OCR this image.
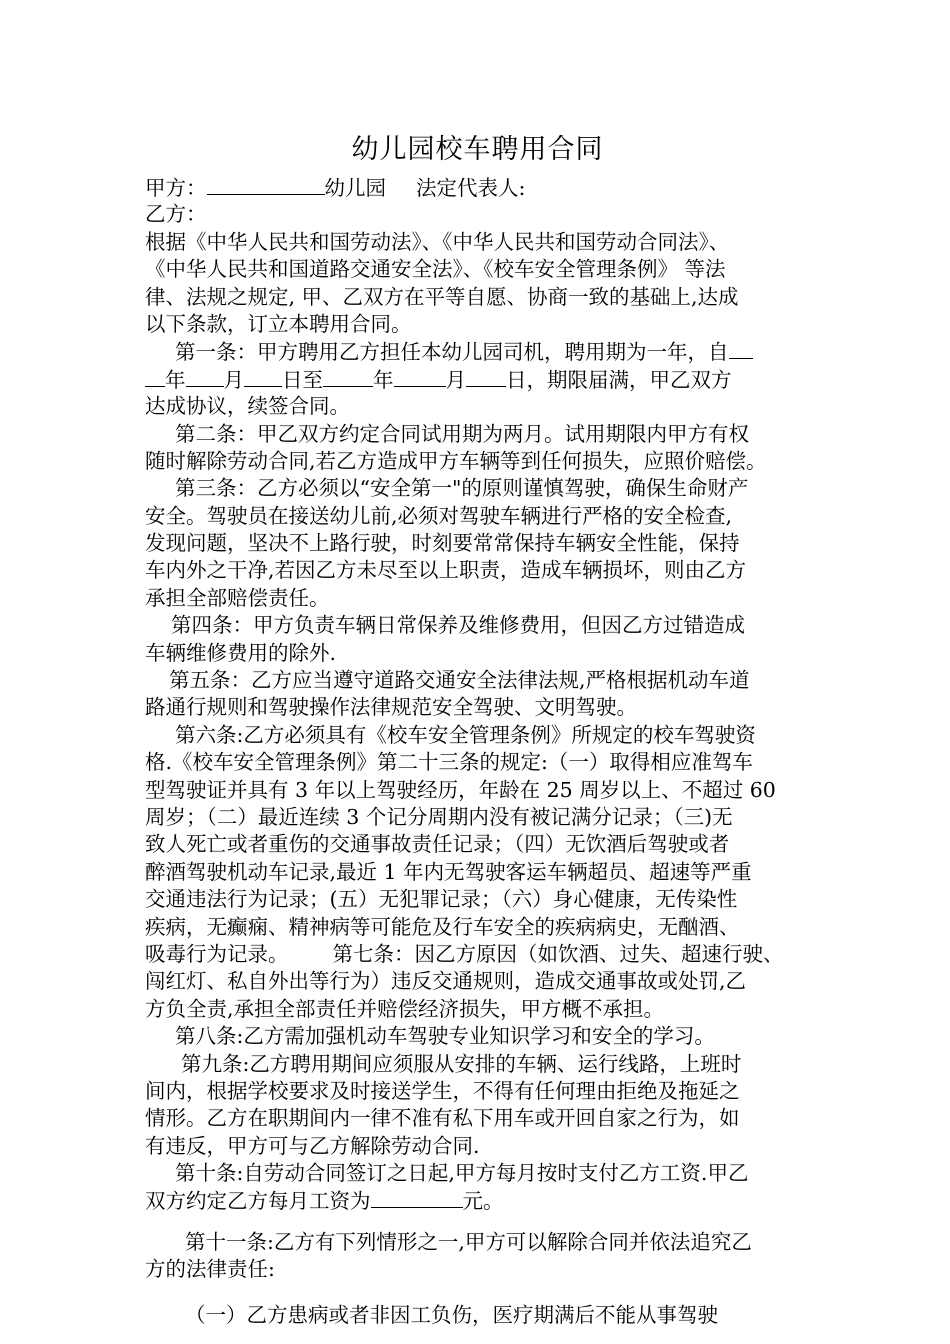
幼儿园校车聘用合同
甲方：	幼儿园 法定代表人:
乙方：
根据《中华人民共和国劳动法》、《中华人民共和国劳动合同法》、
《中华人民共和国道路交通安全法》、《校车安全管理条例》 等法
律、法规之规定, 甲、乙双方在平等自愿、协商一致的基础上,达成
以下条款，订立本聘用合同。
第一条：甲方聘用乙方担任本幼儿园司机，聘用期为一年，自
年 月 日至 年	月 日，期限届满，甲乙双方
达成协议，续签合同。
第二条：甲乙双方约定合同试用期为两月。试用期限内甲方有权
随时解除劳动合同,若乙方造成甲方车辆等到任何损失，应照价赔偿。
第三条：乙方必须以“安全第一"的原则谨慎驾驶，确保生命财产
安全。驾驶员在接送幼儿前,必须对驾驶车辆进行严格的安全检查,
发现问题，坚决不上路行驶，时刻要常常保持车辆安全性能，保持
车内外之干净,若因乙方未尽至以上职责，造成车辆损坏，则由乙方
承担全部赔偿责任。
第四条：甲方负责车辆日常保养及维修费用，但因乙方过错造成
车辆维修费用的除外.
第五条：乙方应当遵守道路交通安全法律法规,严格根据机动车道
路通行规则和驾驶操作法律规范安全驾驶、文明驾驶。
第六条:乙方必须具有《校车安全管理条例》所规定的校车驾驶资
格.《校车安全管理条例》第二十三条的规定:（一）取得相应准驾车
型驾驶证并具有 3 年以上驾驶经历，年龄在 25 周岁以上、不超过 60
周岁；（二）最近连续 3 个记分周期内没有被记满分记录；（三)无
致人死亡或者重伤的交通事故责任记录；（四）无饮酒后驾驶或者
醉酒驾驶机动车记录,最近 1 年内无驾驶客运车辆超员、超速等严重
交通违法行为记录；(五）无犯罪记录；（六）身心健康，无传染性
疾病，无癫痫、精神病等可能危及行车安全的疾病病史，无酗酒、
吸毒行为记录。 第七条：因乙方原因（如饮酒、过失、超速行驶、
闯红灯、私自外出等行为）违反交通规则，造成交通事故或处罚,乙
方负全责,承担全部责任并赔偿经济损失，甲方概不承担。
第八条:乙方需加强机动车驾驶专业知识学习和安全的学习。
第九条:乙方聘用期间应须服从安排的车辆、运行线路，上班时
间内，根据学校要求及时接送学生，不得有任何理由拒绝及拖延之
情形。乙方在职期间内一律不准有私下用车或开回自家之行为，如
有违反，甲方可与乙方解除劳动合同.
第十条:自劳动合同签订之日起,甲方每月按时支付乙方工资.甲乙
双方约定乙方每月工资为	元。
第十一条:乙方有下列情形之一,甲方可以解除合同并依法追究乙
方的法律责任:
（一）乙方患病或者非因工负伤，医疗期满后不能从事驾驶
